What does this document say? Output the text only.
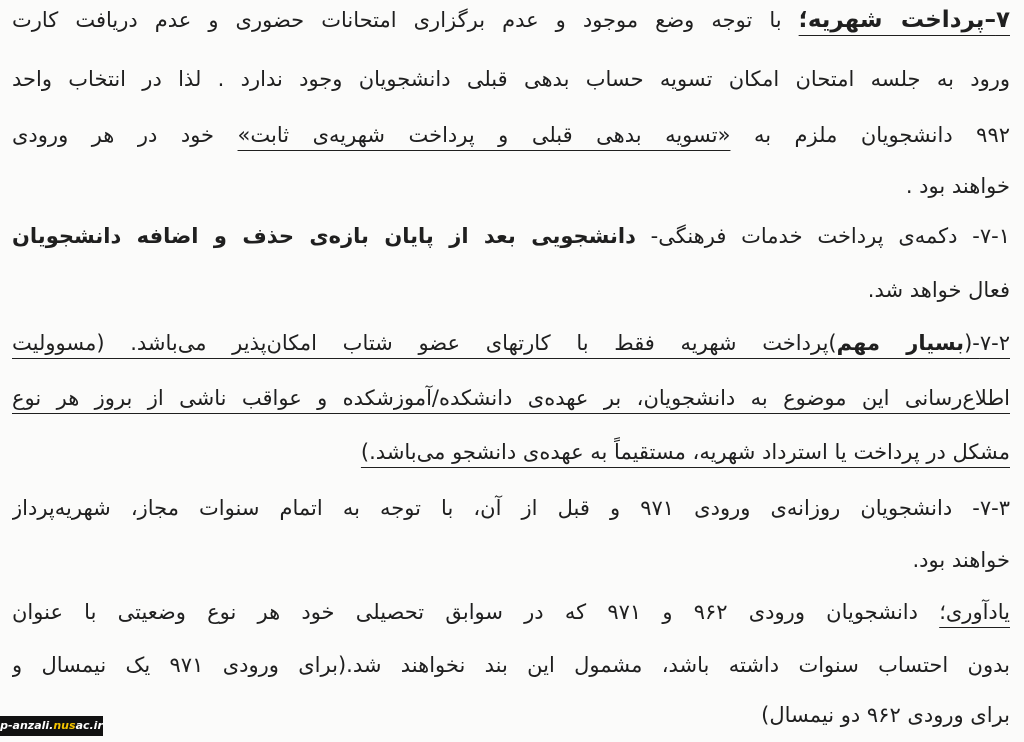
۷–پرداخت شهریه؛ با توجه وضع موجود و عدم برگزاری امتحانات حضوری و عدم دریافت کارت
ورود به جلسه امتحان امکان تسویه حساب بدهی قبلی دانشجویان وجود ندارد . لذا در انتخاب واحد
۹۹۲ دانشجویان ملزم به «تسویه بدهی قبلی و پرداخت شهریه‌ی ثابت» خود در هر ورودی
خواهند بود .
۷-۱- دکمه‌ی پرداخت خدمات فرهنگی- دانشجویی بعد از پایان بازه‌ی حذف و اضافه دانشجویان
فعال خواهد شد.
۷-۲-(بسیار مهم)پرداخت شهریه فقط با کارتهای عضو شتاب امکان‌پذیر می‌باشد. (مسوولیت
اطلاع‌رسانی این موضوع به دانشجویان، بر عهده‌ی دانشکده/آموزشکده و عواقب ناشی از بروز هر نوع
مشکل در پرداخت یا استرداد شهریه، مستقیماً به عهده‌ی دانشجو می‌باشد.)
۷-۳- دانشجویان روزانه‌ی ورودی ۹۷۱ و قبل از آن، با توجه به اتمام سنوات مجاز، شهریه‌پرداز
خواهند بود.
یادآوری؛ دانشجویان ورودی ۹۶۲ و ۹۷۱ که در سوابق تحصیلی خود هر نوع وضعیتی با عنوان
بدون احتساب سنوات داشته باشد، مشمول این بند نخواهند شد.(برای ورودی ۹۷۱ یک نیمسال و
برای ورودی ۹۶۲ دو نیمسال)
p-anzali.nusac.ir
